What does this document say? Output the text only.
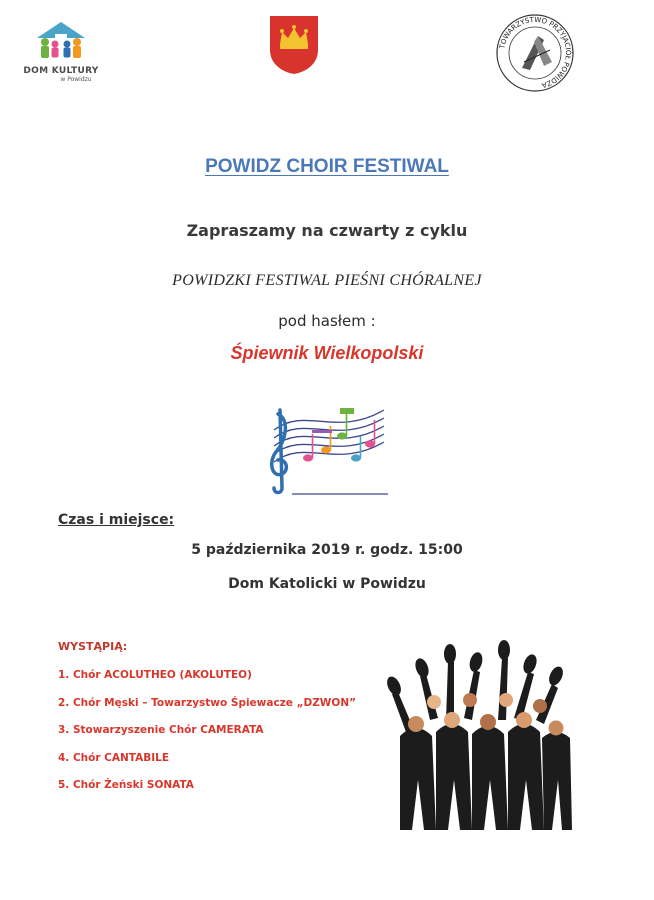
DOM KULTURY
w Powidzu
TOWARZYSTWO PRZYJACIÓŁ POWIDZA
POWIDZ CHOIR FESTIWAL
Zapraszamy na czwarty z cyklu
POWIDZKI FESTIWAL PIEŚNI CHÓRALNEJ
pod hasłem :
Śpiewnik Wielkopolski
Czas i miejsce:
5 października 2019 r. godz. 15:00
Dom Katolicki w Powidzu
WYSTĄPIĄ:
1. Chór ACOLUTHEO (AKOLUTEO)
2. Chór Męski – Towarzystwo Śpiewacze „DZWON”
3. Stowarzyszenie Chór CAMERATA
4. Chór CANTABILE
5. Chór Żeński SONATA
